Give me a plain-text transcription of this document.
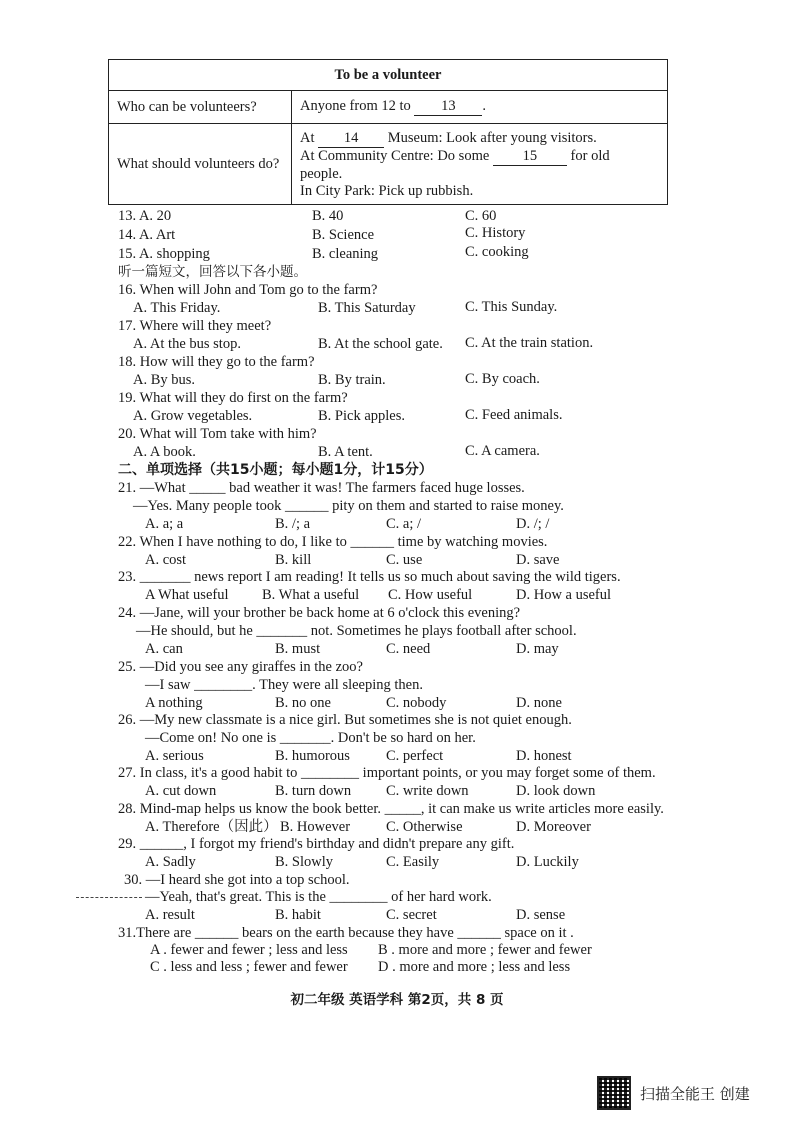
To be a volunteer	
Who can be volunteers?	Anyone from 12 to 13 .
What should volunteers do?	At 14 Museum: Look after young visitors.
At Community Centre: Do some 15 for old
people.
In City Park: Pick up rubbish.
13. A. 20	B. 40	C. 60
14. A. Art	B. Science	C. History
15. A. shopping	B. cleaning	C. cooking
听一篇短文，回答以下各小题。
16. When will John and Tom go to the farm?
A. This Friday.	B. This Saturday	C. This Sunday.
17. Where will they meet?
A. At the bus stop.	B. At the school gate. C. At the train station.
18. How will they go to the farm?
A. By bus.	B. By train.	C. By coach.
19. What will they do first on the farm?
A. Grow vegetables.	B. Pick apples.	C. Feed animals.
20. What will Tom take with him?
A. A book.	B. A tent.	C. A camera.
二、单项选择（共15小题；每小题1分，计15分）
21. —What _____ bad weather it was! The farmers faced huge losses.
—Yes. Many people took ______ pity on them and started to raise money.
A. a; a	B. /; a	C. a; /	D. /; /
22. When I have nothing to do, I like to ______ time by watching movies.
A. cost	B. kill	C. use	D. save
23. _______ news report I am reading! It tells us so much about saving the wild tigers.
A What useful B. What a useful C. How useful	D. How a useful
24. —Jane, will your brother be back home at 6 o'clock this evening?
—He should, but he _______ not. Sometimes he plays football after school.
A. can	B. must	C. need	D. may
25. —Did you see any giraffes in the zoo?
—I saw ________. They were all sleeping then.
A nothing	B. no one	C. nobody	D. none
26. —My new classmate is a nice girl. But sometimes she is not quiet enough.
—Come on! No one is _______. Don't be so hard on her.
A. serious	B. humorous C. perfect	D. honest
27. In class, it's a good habit to ________ important points, or you may forget some of them.
A. cut down	B. turn down C. write down	D. look down
28. Mind-map helps us know the book better. _____, it can make us write articles more easily.
A. Therefore（因此） B. However C. Otherwise	D. Moreover
29. ______, I forgot my friend's birthday and didn't prepare any gift.
A. Sadly	B. Slowly	C. Easily	D. Luckily
30. —I heard she got into a top school.
—Yeah, that's great. This is the ________ of her hard work.
A. result	B. habit	C. secret	D. sense
31.There are ______ bears on the earth because they have ______ space on it .
A . fewer and fewer ; less and less B . more and more ; fewer and fewer
C . less and less ; fewer and fewer D . more and more ; less and less
初二年级 英语学科 第2页，共 8 页
扫描全能王 创建
